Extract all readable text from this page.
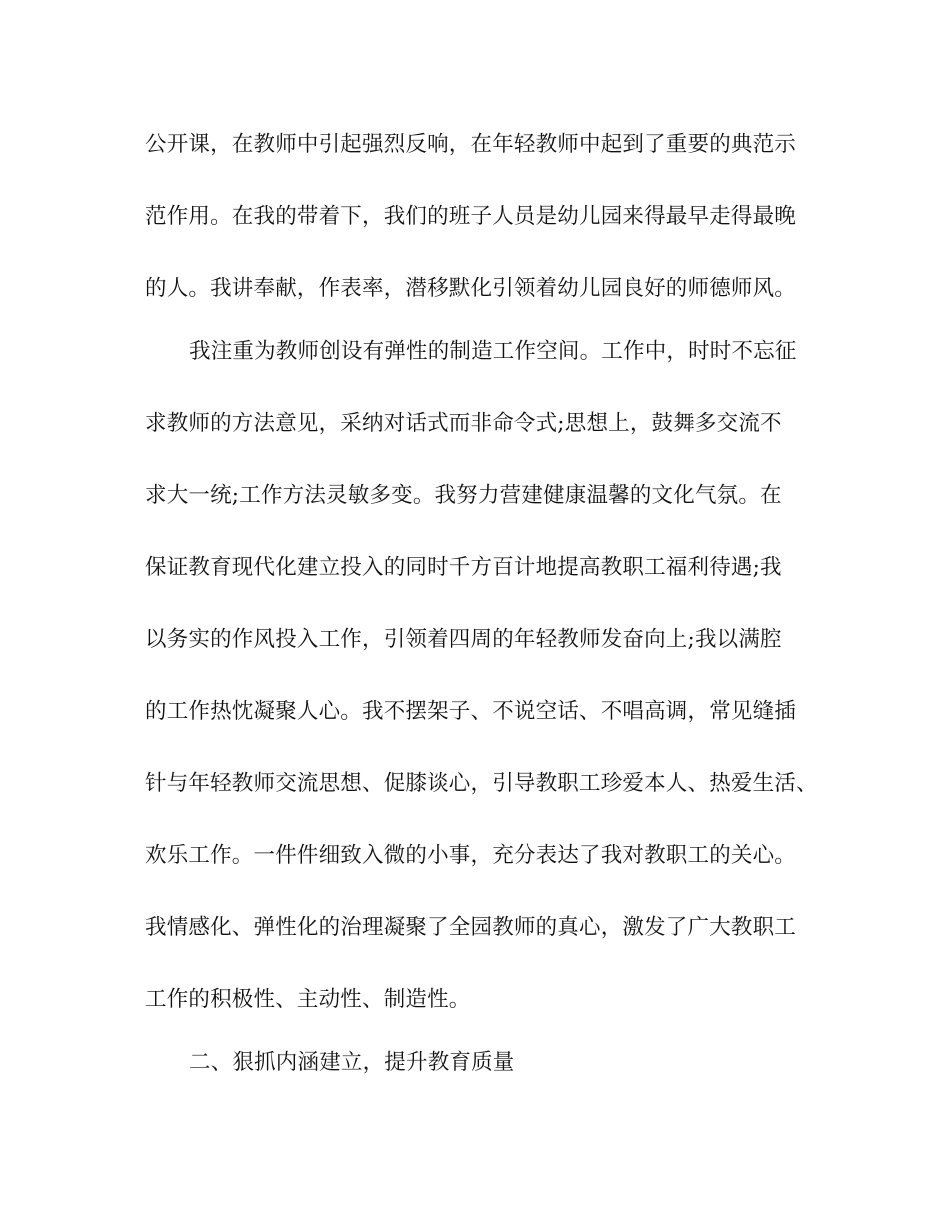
公开课，在教师中引起强烈反响，在年轻教师中起到了重要的典范示
范作用。在我的带着下，我们的班子人员是幼儿园来得最早走得最晚
的人。我讲奉献，作表率，潜移默化引领着幼儿园良好的师德师风。
我注重为教师创设有弹性的制造工作空间。工作中，时时不忘征
求教师的方法意见，采纳对话式而非命令式;思想上，鼓舞多交流不
求大一统;工作方法灵敏多变。我努力营建健康温馨的文化气氛。在
保证教育现代化建立投入的同时千方百计地提高教职工福利待遇;我
以务实的作风投入工作，引领着四周的年轻教师发奋向上;我以满腔
的工作热忱凝聚人心。我不摆架子、不说空话、不唱高调，常见缝插
针与年轻教师交流思想、促膝谈心，引导教职工珍爱本人、热爱生活、
欢乐工作。一件件细致入微的小事，充分表达了我对教职工的关心。
我情感化、弹性化的治理凝聚了全园教师的真心，激发了广大教职工
工作的积极性、主动性、制造性。
二、狠抓内涵建立，提升教育质量
